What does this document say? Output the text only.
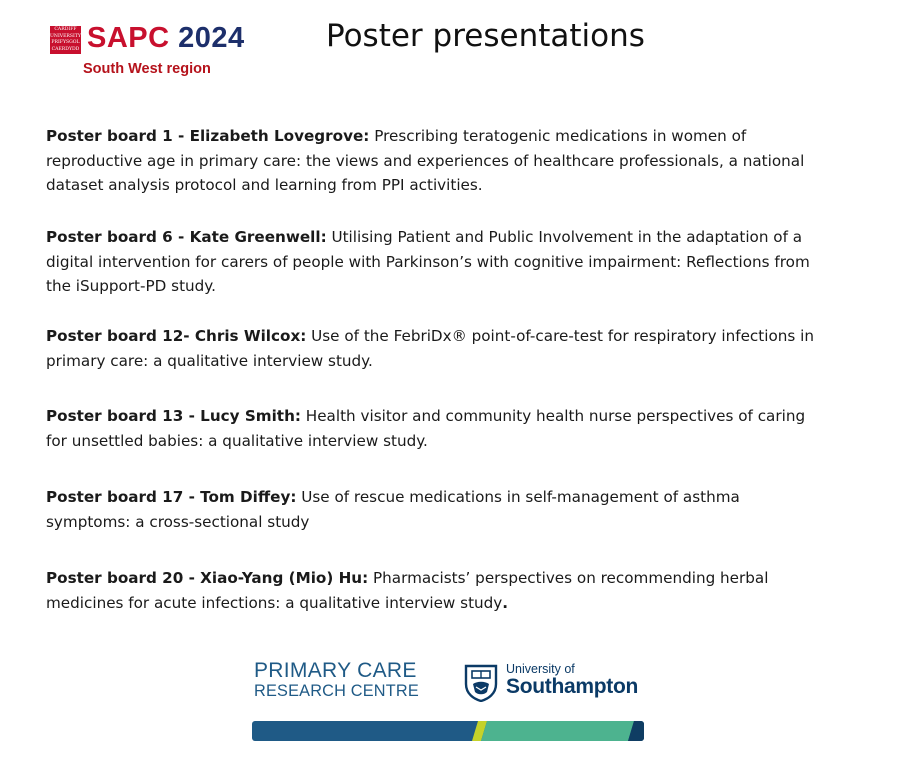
CARDIFF
UNIVERSITY
PRIFYSGOL
CAERDYDD SAPC 2024
South West region
Poster presentations

Poster board 1 - Elizabeth Lovegrove: Prescribing teratogenic medications in women of reproductive age in primary care: the views and experiences of healthcare professionals, a national dataset analysis protocol and learning from PPI activities.

Poster board 6 - Kate Greenwell: Utilising Patient and Public Involvement in the adaptation of a digital intervention for carers of people with Parkinson’s with cognitive impairment: Reflections from the iSupport-PD study.

Poster board 12- Chris Wilcox: Use of the FebriDx® point-of-care-test for respiratory infections in primary care: a qualitative interview study.

Poster board 13 - Lucy Smith: Health visitor and community health nurse perspectives of caring for unsettled babies: a qualitative interview study.

Poster board 17 - Tom Diffey: Use of rescue medications in self-management of asthma symptoms: a cross-sectional study

Poster board 20 - Xiao-Yang (Mio) Hu: Pharmacists’ perspectives on recommending herbal medicines for acute infections: a qualitative interview study.

PRIMARY CARE
RESEARCH CENTRE
University of
Southampton
